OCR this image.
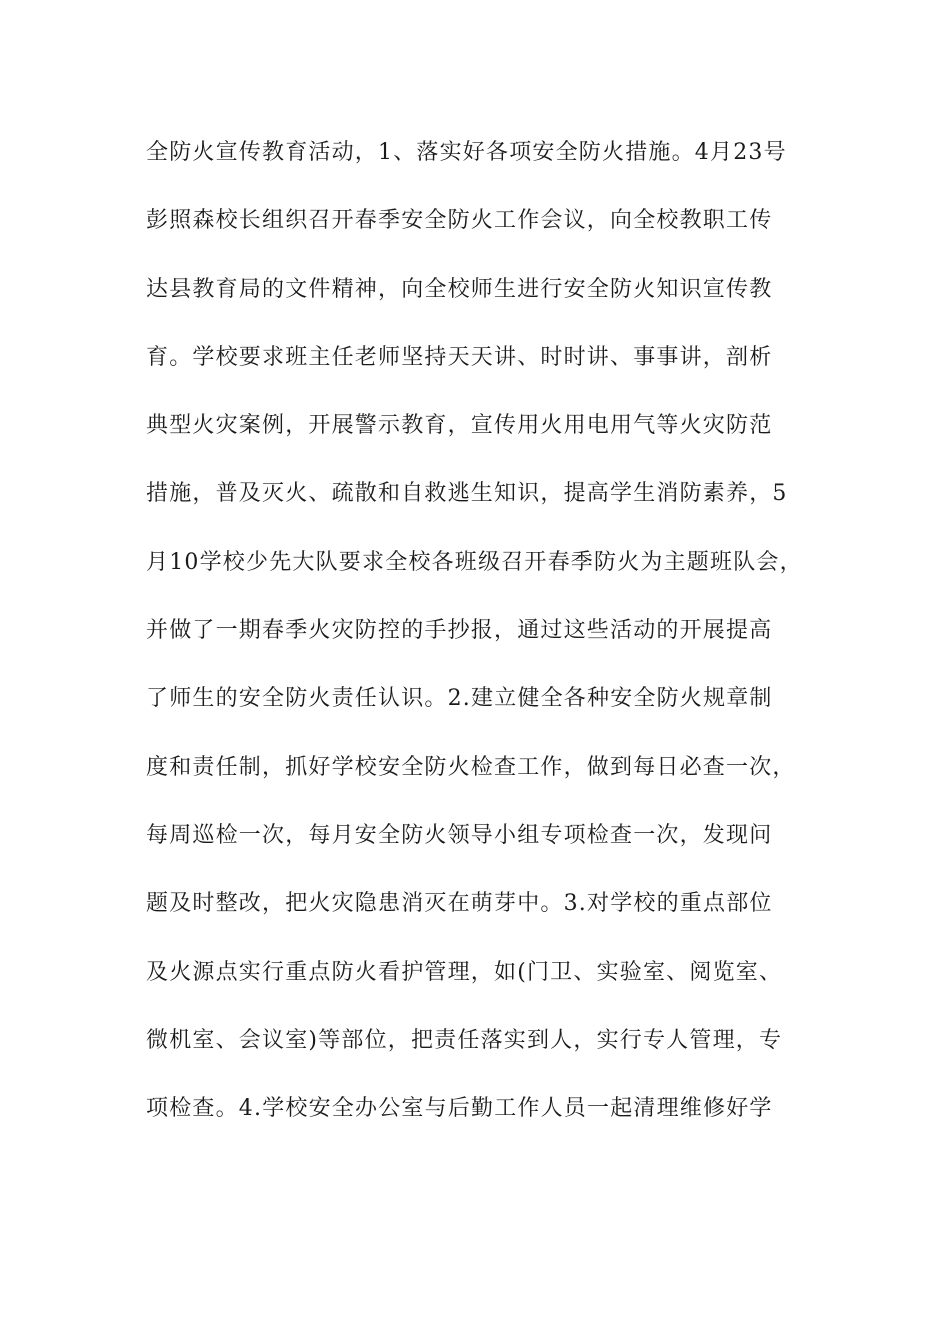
全防火宣传教育活动，1、落实好各项安全防火措施。4月23号
彭照森校长组织召开春季安全防火工作会议，向全校教职工传
达县教育局的文件精神，向全校师生进行安全防火知识宣传教
育。学校要求班主任老师坚持天天讲、时时讲、事事讲，剖析
典型火灾案例，开展警示教育，宣传用火用电用气等火灾防范
措施，普及灭火、疏散和自救逃生知识，提高学生消防素养，5
月10学校少先大队要求全校各班级召开春季防火为主题班队会，
并做了一期春季火灾防控的手抄报，通过这些活动的开展提高
了师生的安全防火责任认识。2.建立健全各种安全防火规章制
度和责任制，抓好学校安全防火检查工作，做到每日必查一次，
每周巡检一次，每月安全防火领导小组专项检查一次，发现问
题及时整改，把火灾隐患消灭在萌芽中。3.对学校的重点部位
及火源点实行重点防火看护管理，如(门卫、实验室、阅览室、
微机室、会议室)等部位，把责任落实到人，实行专人管理，专
项检查。4.学校安全办公室与后勤工作人员一起清理维修好学
